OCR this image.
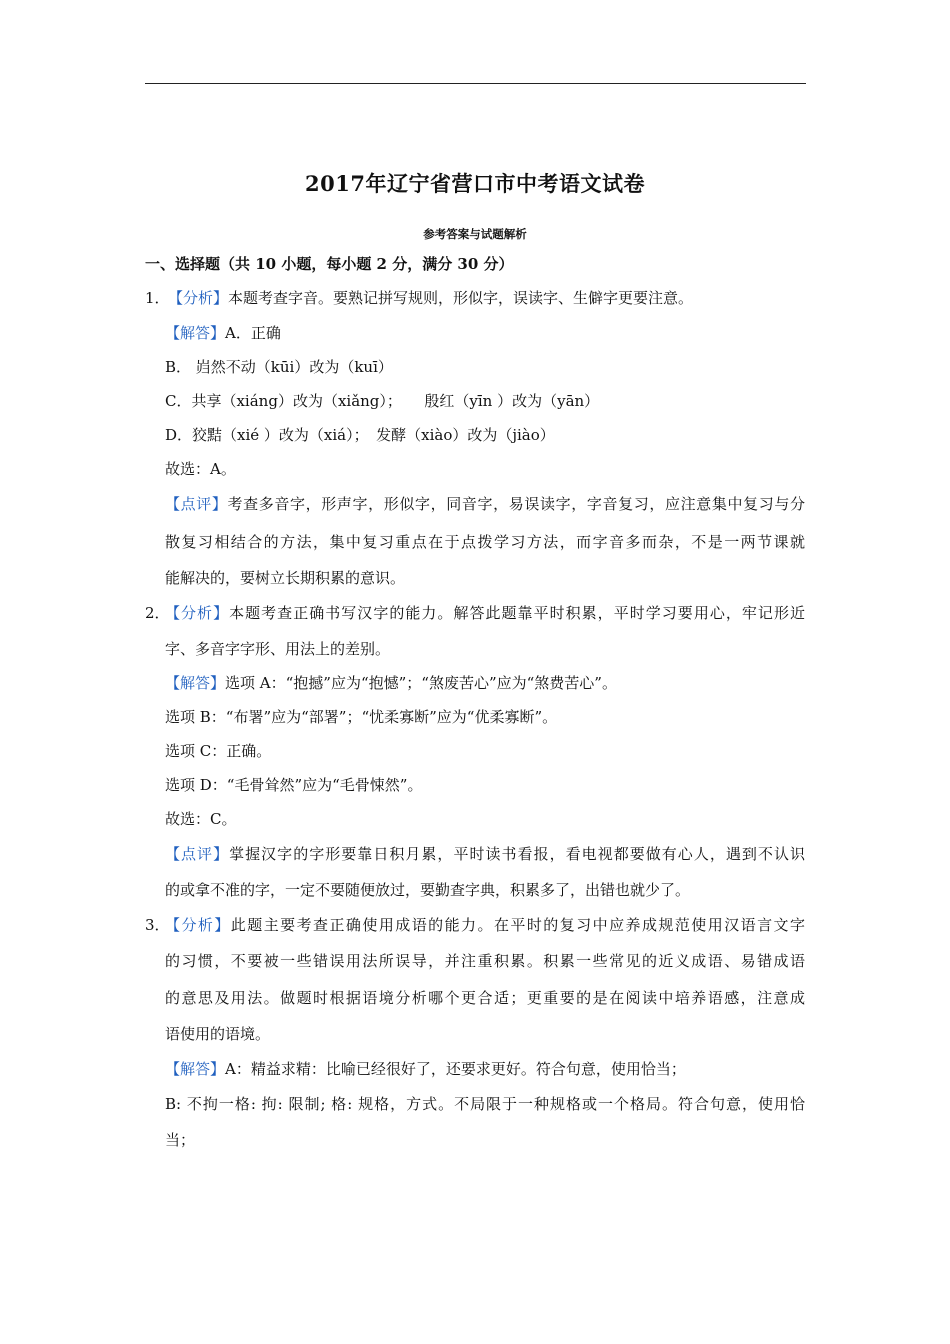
2017年辽宁省营口市中考语文试卷
参考答案与试题解析
一、选择题（共 10 小题，每小题 2 分，满分 30 分）
1．
【分析】本题考查字音。要熟记拼写规则，形似字，误读字、生僻字更要注意。
【解答】A．正确
B． 岿然不动（kūi）改为（kuī）
C．共享（xiáng）改为（xiǎng）；　　殷红（yīn ）改为（yān）
D．狡黠（xié ）改为（xiá）；　发酵（xiào）改为（jiào）
故选：A。
【点评】考查多音字，形声字，形似字，同音字，易误读字，字音复习，应注意集中复习与分
散复习相结合的方法，集中复习重点在于点拨学习方法，而字音多而杂，不是一两节课就
能解决的，要树立长期积累的意识。
2．
【分析】本题考查正确书写汉字的能力。解答此题靠平时积累，平时学习要用心，牢记形近
字、多音字字形、用法上的差别。
【解答】选项 A：“抱撼”应为“抱憾”；“煞废苦心”应为“煞费苦心”。
选项 B：“布署”应为“部署”；“忧柔寡断”应为“优柔寡断”。
选项 C：正确。
选项 D：“毛骨耸然”应为“毛骨悚然”。
故选：C。
【点评】掌握汉字的字形要靠日积月累，平时读书看报，看电视都要做有心人，遇到不认识
的或拿不准的字，一定不要随便放过，要勤查字典，积累多了，出错也就少了。
3．
【分析】此题主要考查正确使用成语的能力。在平时的复习中应养成规范使用汉语言文字
的习惯，不要被一些错误用法所误导，并注重积累。积累一些常见的近义成语、易错成语
的意思及用法。做题时根据语境分析哪个更合适；更重要的是在阅读中培养语感，注意成
语使用的语境。
【解答】A：精益求精：比喻已经很好了，还要求更好。符合句意，使用恰当；
B: 不拘一格: 拘: 限制; 格: 规格，方式。不局限于一种规格或一个格局。符合句意，使用恰
当；
